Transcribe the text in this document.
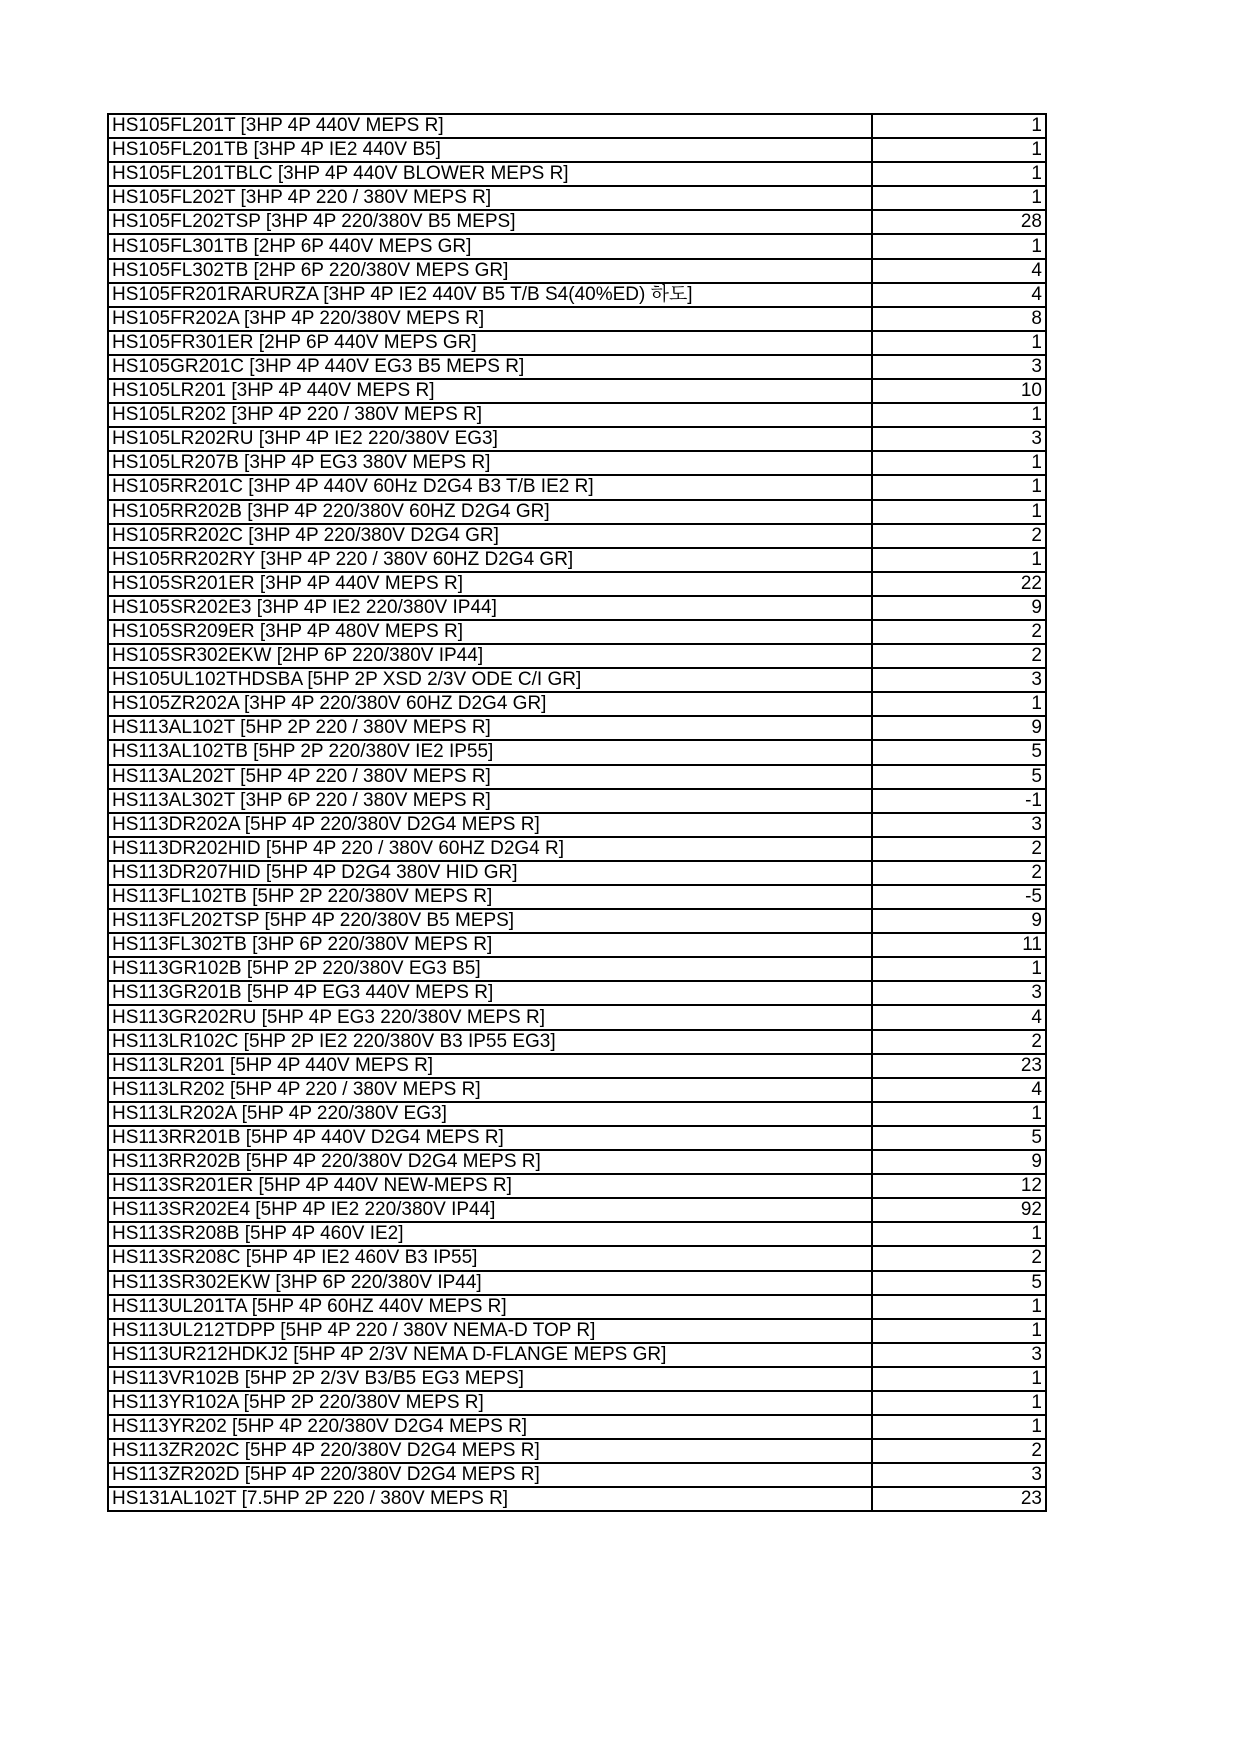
HS105FL201T [3HP 4P 440V MEPS R]	1
HS105FL201TB [3HP 4P IE2 440V B5]	1
HS105FL201TBLC [3HP 4P 440V BLOWER MEPS R]	1
HS105FL202T [3HP 4P 220 / 380V MEPS R]	1
HS105FL202TSP [3HP 4P 220/380V B5 MEPS]	28
HS105FL301TB [2HP 6P 440V MEPS GR]	1
HS105FL302TB [2HP 6P 220/380V MEPS GR]	4
HS105FR201RARURZA [3HP 4P IE2 440V B5 T/B S4(40%ED) 하도]	4
HS105FR202A [3HP 4P 220/380V MEPS R]	8
HS105FR301ER [2HP 6P 440V MEPS GR]	1
HS105GR201C [3HP 4P 440V EG3 B5 MEPS R]	3
HS105LR201 [3HP 4P 440V MEPS R]	10
HS105LR202 [3HP 4P 220 / 380V MEPS R]	1
HS105LR202RU [3HP 4P IE2 220/380V EG3]	3
HS105LR207B [3HP 4P EG3 380V MEPS R]	1
HS105RR201C [3HP 4P 440V 60Hz D2G4 B3 T/B IE2 R]	1
HS105RR202B [3HP 4P 220/380V 60HZ D2G4 GR]	1
HS105RR202C [3HP 4P 220/380V D2G4 GR]	2
HS105RR202RY [3HP 4P 220 / 380V 60HZ D2G4 GR]	1
HS105SR201ER [3HP 4P 440V MEPS R]	22
HS105SR202E3 [3HP 4P IE2 220/380V IP44]	9
HS105SR209ER [3HP 4P 480V MEPS R]	2
HS105SR302EKW [2HP 6P 220/380V IP44]	2
HS105UL102THDSBA [5HP 2P XSD 2/3V ODE C/I GR]	3
HS105ZR202A [3HP 4P 220/380V 60HZ D2G4 GR]	1
HS113AL102T [5HP 2P 220 / 380V MEPS R]	9
HS113AL102TB [5HP 2P 220/380V IE2 IP55]	5
HS113AL202T [5HP 4P 220 / 380V MEPS R]	5
HS113AL302T [3HP 6P 220 / 380V MEPS R]	-1
HS113DR202A [5HP 4P 220/380V D2G4 MEPS R]	3
HS113DR202HID [5HP 4P 220 / 380V 60HZ D2G4 R]	2
HS113DR207HID [5HP 4P D2G4 380V HID GR]	2
HS113FL102TB [5HP 2P 220/380V MEPS R]	-5
HS113FL202TSP [5HP 4P 220/380V B5 MEPS]	9
HS113FL302TB [3HP 6P 220/380V MEPS R]	11
HS113GR102B [5HP 2P 220/380V EG3 B5]	1
HS113GR201B [5HP 4P EG3 440V MEPS R]	3
HS113GR202RU [5HP 4P EG3 220/380V MEPS R]	4
HS113LR102C [5HP 2P IE2 220/380V B3 IP55 EG3]	2
HS113LR201 [5HP 4P 440V MEPS R]	23
HS113LR202 [5HP 4P 220 / 380V MEPS R]	4
HS113LR202A [5HP 4P 220/380V EG3]	1
HS113RR201B [5HP 4P 440V D2G4 MEPS R]	5
HS113RR202B [5HP 4P 220/380V D2G4 MEPS R]	9
HS113SR201ER [5HP 4P 440V NEW-MEPS R]	12
HS113SR202E4 [5HP 4P IE2 220/380V IP44]	92
HS113SR208B [5HP 4P 460V IE2]	1
HS113SR208C [5HP 4P IE2 460V B3 IP55]	2
HS113SR302EKW [3HP 6P 220/380V IP44]	5
HS113UL201TA [5HP 4P 60HZ 440V MEPS R]	1
HS113UL212TDPP [5HP 4P 220 / 380V NEMA-D TOP R]	1
HS113UR212HDKJ2 [5HP 4P 2/3V NEMA D-FLANGE MEPS GR]	3
HS113VR102B [5HP 2P 2/3V B3/B5 EG3 MEPS]	1
HS113YR102A [5HP 2P 220/380V MEPS R]	1
HS113YR202 [5HP 4P 220/380V D2G4 MEPS R]	1
HS113ZR202C [5HP 4P 220/380V D2G4 MEPS R]	2
HS113ZR202D [5HP 4P 220/380V D2G4 MEPS R]	3
HS131AL102T [7.5HP 2P 220 / 380V MEPS R]	23
